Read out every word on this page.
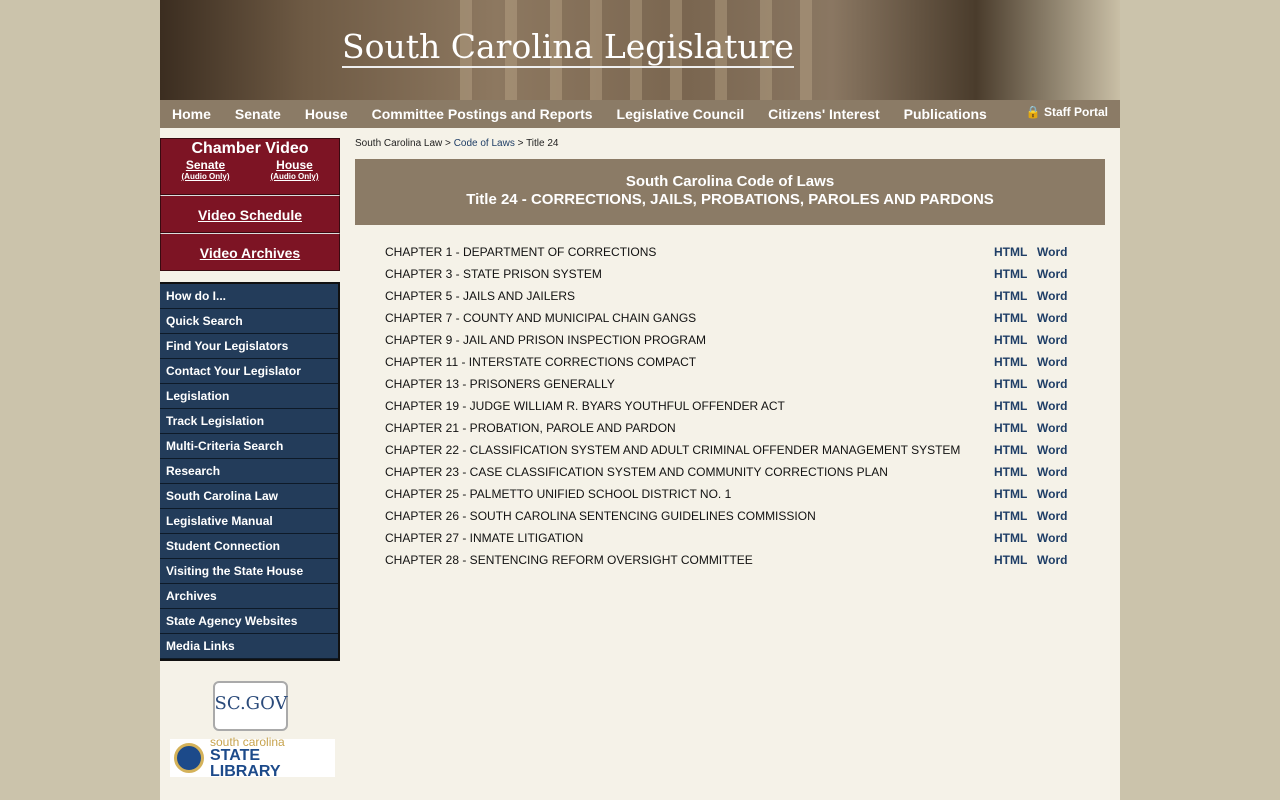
South Carolina Legislature
Home Senate House Committee Postings and Reports Legislative Council Citizens' Interest Publications	🔒 Staff Portal
Chamber Video
Senate
(Audio Only)
House
(Audio Only)
Video Schedule
Video Archives
How do I...
Quick Search
Find Your Legislators
Contact Your Legislator
Legislation
Track Legislation
Multi-Criteria Search
Research
South Carolina Law
Legislative Manual
Student Connection
Visiting the State House
Archives
State Agency Websites
Media Links
SC.GOV
south carolina
STATE LIBRARY
South Carolina Law > Code of Laws > Title 24
South Carolina Code of Laws
Title 24 - CORRECTIONS, JAILS, PROBATIONS, PAROLES AND PARDONS
CHAPTER 1 - DEPARTMENT OF CORRECTIONS	HTML	Word
CHAPTER 3 - STATE PRISON SYSTEM	HTML	Word
CHAPTER 5 - JAILS AND JAILERS	HTML	Word
CHAPTER 7 - COUNTY AND MUNICIPAL CHAIN GANGS	HTML	Word
CHAPTER 9 - JAIL AND PRISON INSPECTION PROGRAM	HTML	Word
CHAPTER 11 - INTERSTATE CORRECTIONS COMPACT	HTML	Word
CHAPTER 13 - PRISONERS GENERALLY	HTML	Word
CHAPTER 19 - JUDGE WILLIAM R. BYARS YOUTHFUL OFFENDER ACT	HTML	Word
CHAPTER 21 - PROBATION, PAROLE AND PARDON	HTML	Word
CHAPTER 22 - CLASSIFICATION SYSTEM AND ADULT CRIMINAL OFFENDER MANAGEMENT SYSTEM	HTML	Word
CHAPTER 23 - CASE CLASSIFICATION SYSTEM AND COMMUNITY CORRECTIONS PLAN	HTML	Word
CHAPTER 25 - PALMETTO UNIFIED SCHOOL DISTRICT NO. 1	HTML	Word
CHAPTER 26 - SOUTH CAROLINA SENTENCING GUIDELINES COMMISSION	HTML	Word
CHAPTER 27 - INMATE LITIGATION	HTML	Word
CHAPTER 28 - SENTENCING REFORM OVERSIGHT COMMITTEE	HTML	Word
